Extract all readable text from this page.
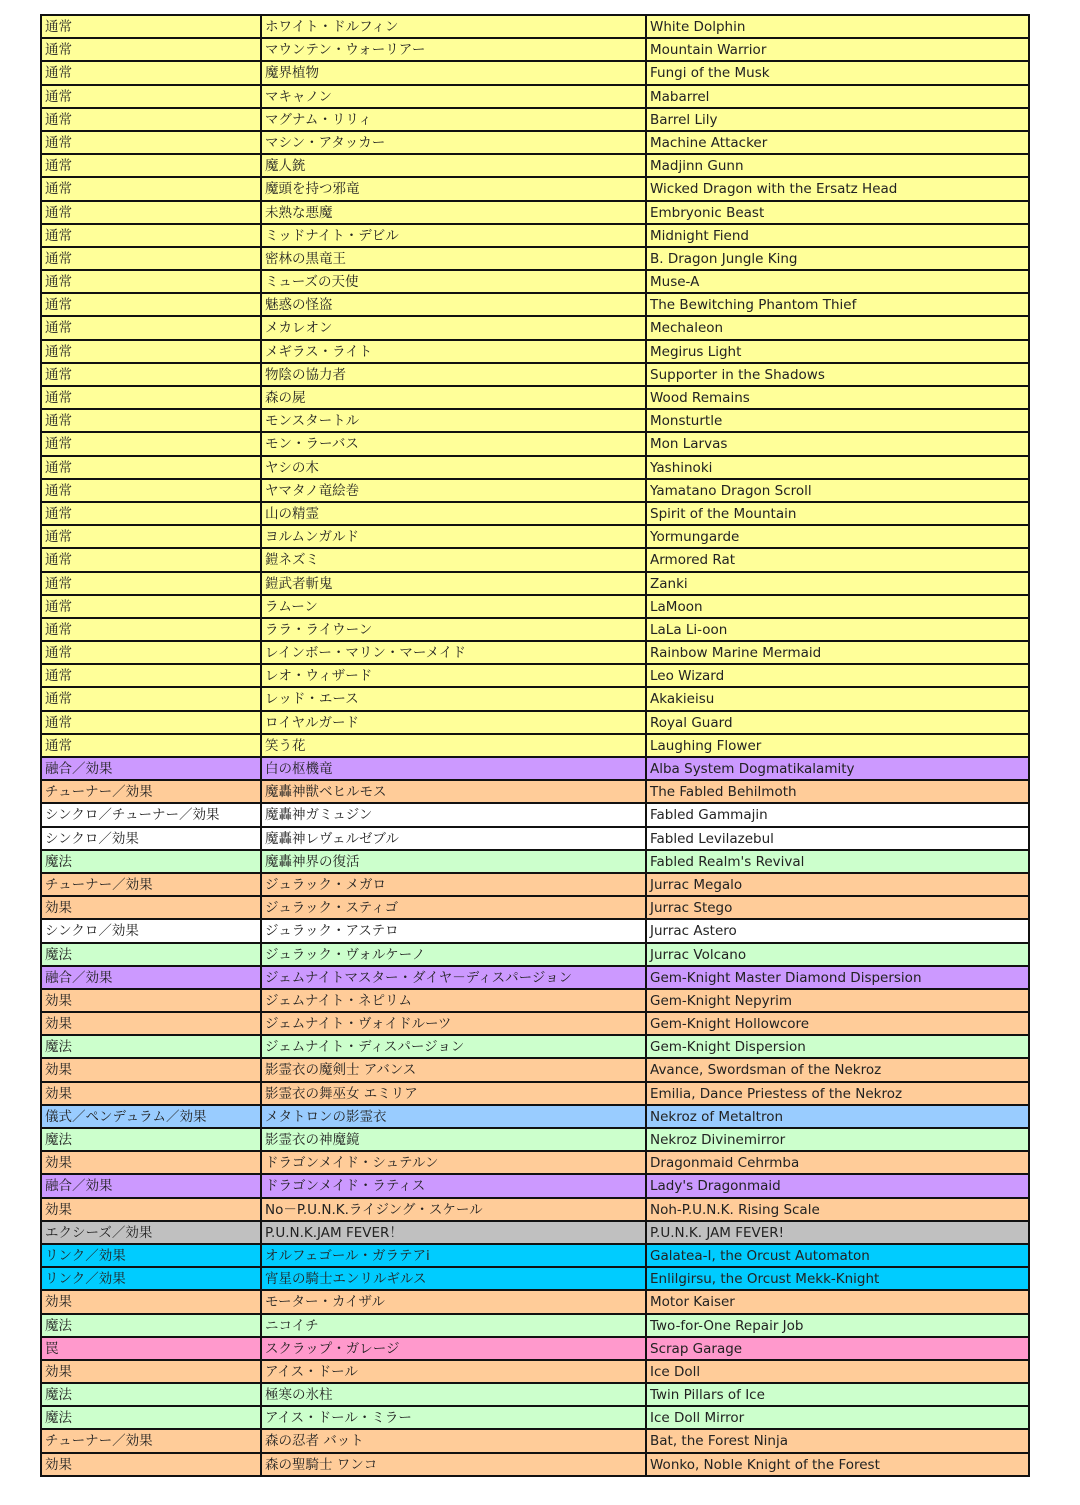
通常	ホワイト・ドルフィン	White Dolphin
通常	マウンテン・ウォーリアー	Mountain Warrior
通常	魔界植物	Fungi of the Musk
通常	マキャノン	Mabarrel
通常	マグナム・リリィ	Barrel Lily
通常	マシン・アタッカー	Machine Attacker
通常	魔人銃	Madjinn Gunn
通常	魔頭を持つ邪竜	Wicked Dragon with the Ersatz Head
通常	未熟な悪魔	Embryonic Beast
通常	ミッドナイト・デビル	Midnight Fiend
通常	密林の黒竜王	B. Dragon Jungle King
通常	ミューズの天使	Muse-A
通常	魅惑の怪盗	The Bewitching Phantom Thief
通常	メカレオン	Mechaleon
通常	メギラス・ライト	Megirus Light
通常	物陰の協力者	Supporter in the Shadows
通常	森の屍	Wood Remains
通常	モンスタートル	Monsturtle
通常	モン・ラーバス	Mon Larvas
通常	ヤシの木	Yashinoki
通常	ヤマタノ竜絵巻	Yamatano Dragon Scroll
通常	山の精霊	Spirit of the Mountain
通常	ヨルムンガルド	Yormungarde
通常	鎧ネズミ	Armored Rat
通常	鎧武者斬鬼	Zanki
通常	ラムーン	LaMoon
通常	ララ・ライウーン	LaLa Li-oon
通常	レインボー・マリン・マーメイド	Rainbow Marine Mermaid
通常	レオ・ウィザード	Leo Wizard
通常	レッド・エース	Akakieisu
通常	ロイヤルガード	Royal Guard
通常	笑う花	Laughing Flower
融合／効果	白の枢機竜	Alba System Dogmatikalamity
チューナー／効果	魔轟神獣ベヒルモス	The Fabled Behilmoth
シンクロ／チューナー／効果	魔轟神ガミュジン	Fabled Gammajin
シンクロ／効果	魔轟神レヴェルゼブル	Fabled Levilazebul
魔法	魔轟神界の復活	Fabled Realm's Revival
チューナー／効果	ジュラック・メガロ	Jurrac Megalo
効果	ジュラック・スティゴ	Jurrac Stego
シンクロ／効果	ジュラック・アステロ	Jurrac Astero
魔法	ジュラック・ヴォルケーノ	Jurrac Volcano
融合／効果	ジェムナイトマスター・ダイヤ－ディスパージョン	Gem-Knight Master Diamond Dispersion
効果	ジェムナイト・ネピリム	Gem-Knight Nepyrim
効果	ジェムナイト・ヴォイドルーツ	Gem-Knight Hollowcore
魔法	ジェムナイト・ディスパージョン	Gem-Knight Dispersion
効果	影霊衣の魔剣士 アバンス	Avance, Swordsman of the Nekroz
効果	影霊衣の舞巫女 エミリア	Emilia, Dance Priestess of the Nekroz
儀式／ペンデュラム／効果	メタトロンの影霊衣	Nekroz of Metaltron
魔法	影霊衣の神魔鏡	Nekroz Divinemirror
効果	ドラゴンメイド・シュテルン	Dragonmaid Cehrmba
融合／効果	ドラゴンメイド・ラティス	Lady's Dragonmaid
効果	No－P.U.N.K.ライジング・スケール	Noh-P.U.N.K. Rising Scale
エクシーズ／効果	P.U.N.K.JAM FEVER！	P.U.N.K. JAM FEVER!
リンク／効果	オルフェゴール・ガラテアi	Galatea-I, the Orcust Automaton
リンク／効果	宵星の騎士エンリルギルス	Enlilgirsu, the Orcust Mekk-Knight
効果	モーター・カイザル	Motor Kaiser
魔法	ニコイチ	Two-for-One Repair Job
罠	スクラップ・ガレージ	Scrap Garage
効果	アイス・ドール	Ice Doll
魔法	極寒の氷柱	Twin Pillars of Ice
魔法	アイス・ドール・ミラー	Ice Doll Mirror
チューナー／効果	森の忍者 バット	Bat, the Forest Ninja
効果	森の聖騎士 ワンコ	Wonko, Noble Knight of the Forest
